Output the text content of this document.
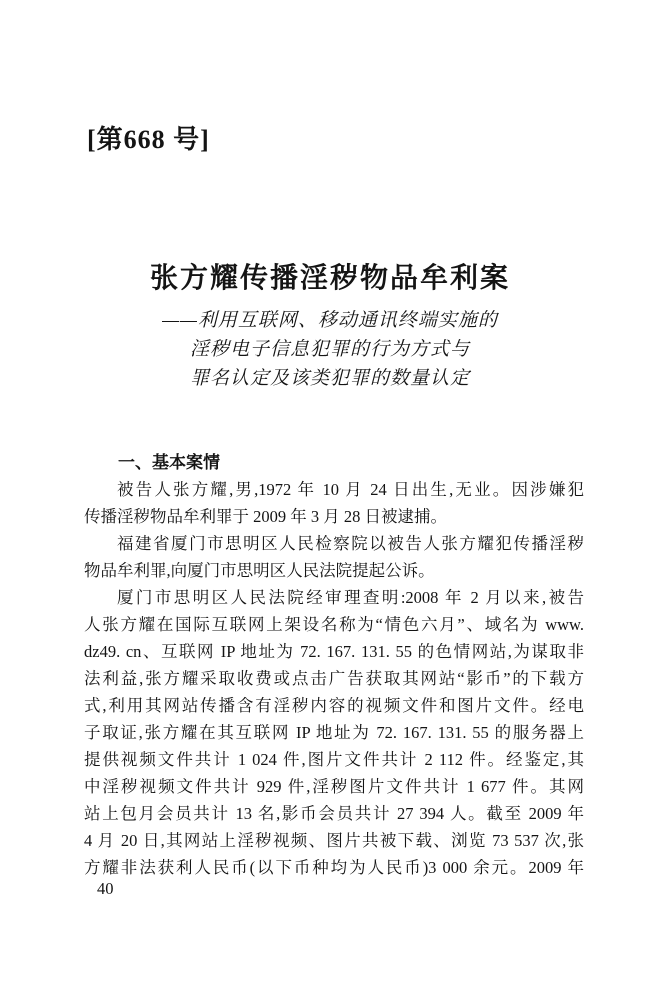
[第668 号]
张方耀传播淫秽物品牟利案
——利用互联网、移动通讯终端实施的
淫秽电子信息犯罪的行为方式与
罪名认定及该类犯罪的数量认定
一、基本案情
被告人张方耀,男,1972 年 10 月 24 日出生,无业。因涉嫌犯
传播淫秽物品牟利罪于 2009 年 3 月 28 日被逮捕。
福建省厦门市思明区人民检察院以被告人张方耀犯传播淫秽
物品牟利罪,向厦门市思明区人民法院提起公诉。
厦门市思明区人民法院经审理查明:2008 年 2 月以来,被告
人张方耀在国际互联网上架设名称为“情色六月”、域名为 www.
dz49. cn、互联网 IP 地址为 72. 167. 131. 55 的色情网站,为谋取非
法利益,张方耀采取收费或点击广告获取其网站“影币”的下载方
式,利用其网站传播含有淫秽内容的视频文件和图片文件。经电
子取证,张方耀在其互联网 IP 地址为 72. 167. 131. 55 的服务器上
提供视频文件共计 1 024 件,图片文件共计 2 112 件。经鉴定,其
中淫秽视频文件共计 929 件,淫秽图片文件共计 1 677 件。其网
站上包月会员共计 13 名,影币会员共计 27 394 人。截至 2009 年
4 月 20 日,其网站上淫秽视频、图片共被下载、浏览 73 537 次,张
方耀非法获利人民币(以下币种均为人民币)3 000 余元。2009 年
40
